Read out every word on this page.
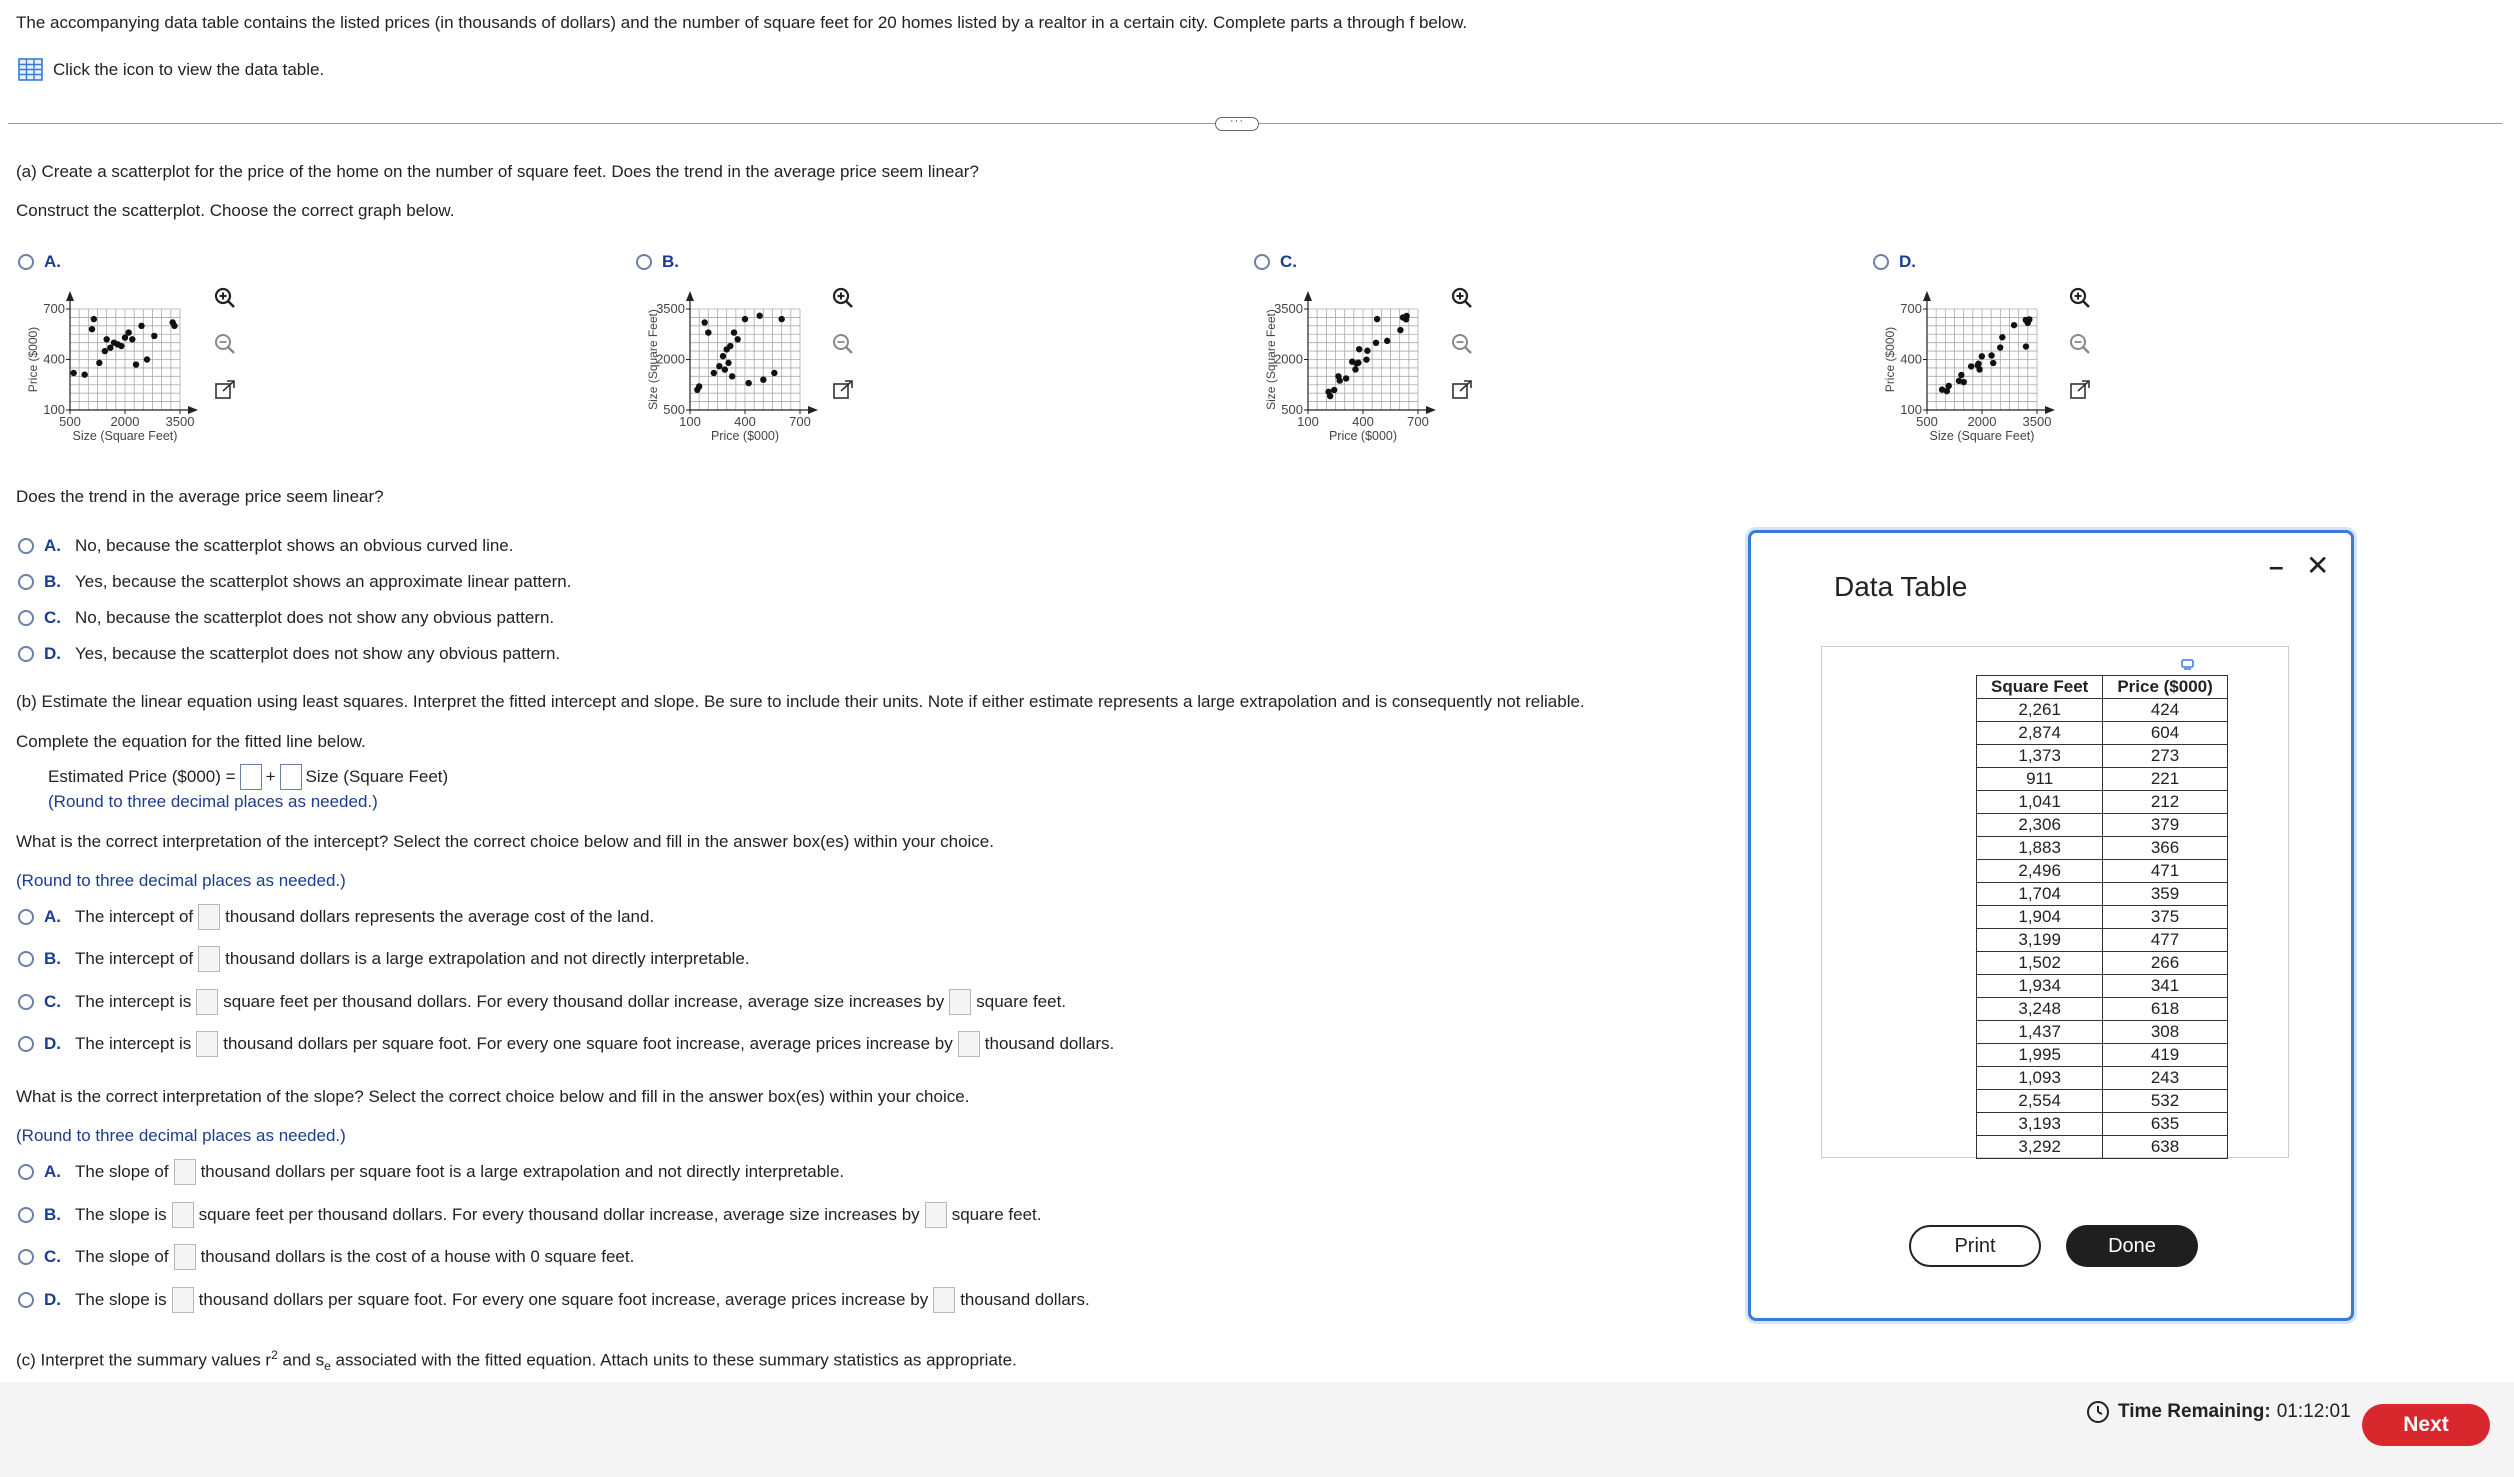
The accompanying data table contains the listed prices (in thousands of dollars) and the number of square feet for 20 homes listed by a realtor in a certain city. Complete parts a through f below.
Click the icon to view the data table.
···
(a) Create a scatterplot for the price of the home on the number of square feet. Does the trend in the average price seem linear?
Construct the scatterplot. Choose the correct graph below.
A.	B.	C.	D.
500 2000 3500
100
400
700
Size (Square Feet)
Price ($000)
100	400	700
500
2000
3500
Price ($000)
Size (Square Feet)
100	400	700
500
2000
3500
Price ($000)
Size (Square Feet)
500 2000 3500
100
400
700
Size (Square Feet)
Price ($000)
Does the trend in the average price seem linear?
A. No, because the scatterplot shows an obvious curved line.
B. Yes, because the scatterplot shows an approximate linear pattern.
C. No, because the scatterplot does not show any obvious pattern.
D. Yes, because the scatterplot does not show any obvious pattern.
(b) Estimate the linear equation using least squares. Interpret the fitted intercept and slope. Be sure to include their units. Note if either estimate represents a large extrapolation and is consequently not reliable.
Complete the equation for the fitted line below.
Estimated Price ($000) = + Size (Square Feet)
(Round to three decimal places as needed.)
What is the correct interpretation of the intercept? Select the correct choice below and fill in the answer box(es) within your choice.
(Round to three decimal places as needed.)
A. The intercept of thousand dollars represents the average cost of the land.
B. The intercept of thousand dollars is a large extrapolation and not directly interpretable.
C. The intercept is square feet per thousand dollars. For every thousand dollar increase, average size increases by square feet.
D. The intercept is thousand dollars per square foot. For every one square foot increase, average prices increase by thousand dollars.
What is the correct interpretation of the slope? Select the correct choice below and fill in the answer box(es) within your choice.
(Round to three decimal places as needed.)
A. The slope of thousand dollars per square foot is a large extrapolation and not directly interpretable.
B. The slope is square feet per thousand dollars. For every thousand dollar increase, average size increases by square feet.
C. The slope of thousand dollars is the cost of a house with 0 square feet.
D. The slope is thousand dollars per square foot. For every one square foot increase, average prices increase by thousand dollars.
(c) Interpret the summary values $r^2$ and $s_e$ associated with the fitted equation. Attach units to these summary statistics as appropriate.
Data Table
– ✕
Square Feet	Price ($000)
2,261	424
2,874	604
1,373	273
911	221
1,041	212
2,306	379
1,883	366
2,496	471
1,704	359
1,904	375
3,199	477
1,502	266
1,934	341
3,248	618
1,437	308
1,995	419
1,093	243
2,554	532
3,193	635
3,292	638
Print	Done
Time Remaining: 01:12:01
Next
